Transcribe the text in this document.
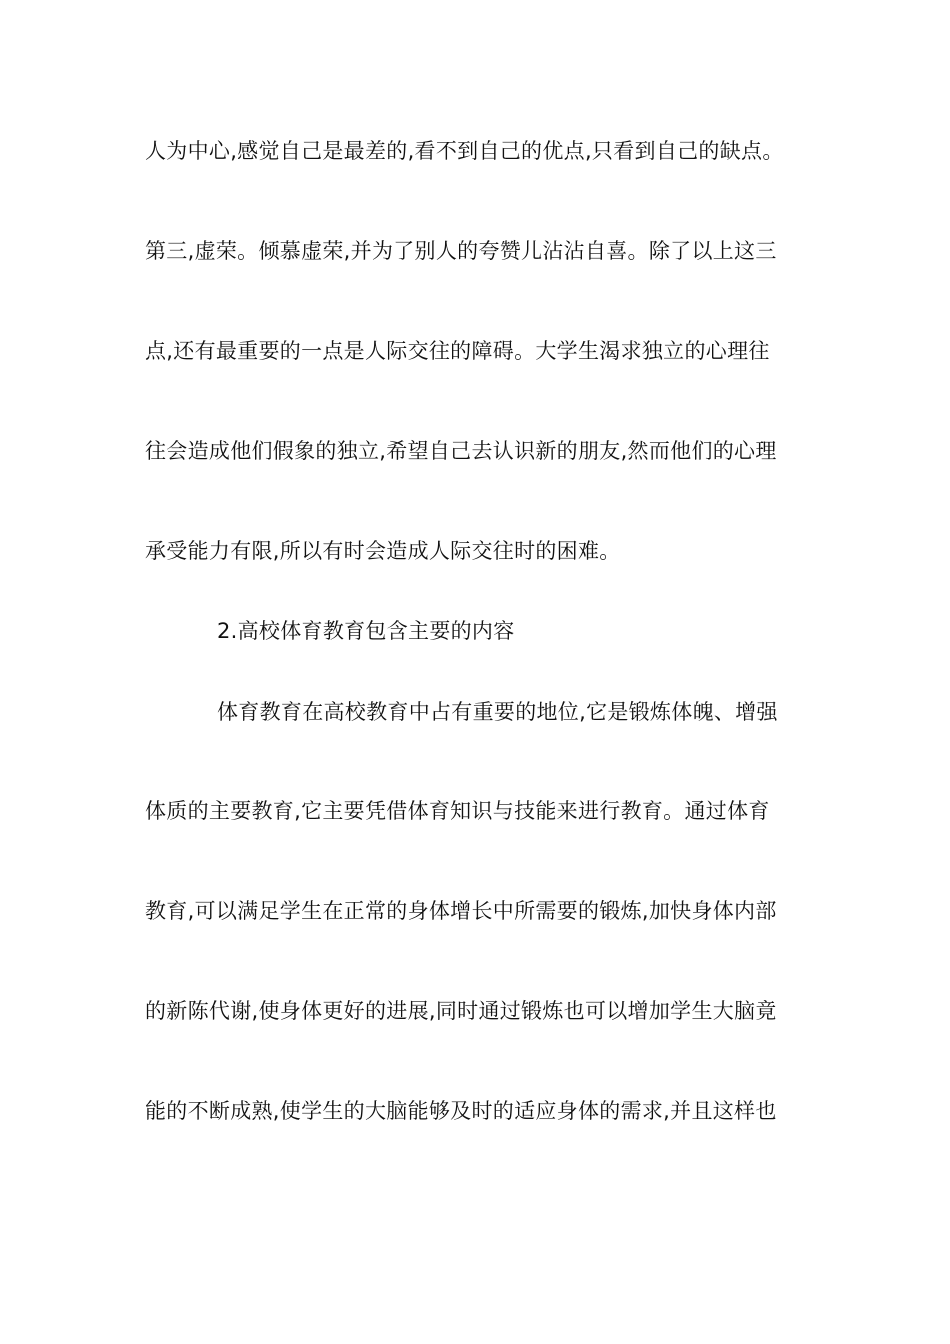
人为中心,感觉自己是最差的,看不到自己的优点,只看到自己的缺点。
第三,虚荣。倾慕虚荣,并为了别人的夸赞儿沾沾自喜。除了以上这三
点,还有最重要的一点是人际交往的障碍。大学生渴求独立的心理往
往会造成他们假象的独立,希望自己去认识新的朋友,然而他们的心理
承受能力有限,所以有时会造成人际交往时的困难。
2.高校体育教育包含主要的内容
体育教育在高校教育中占有重要的地位,它是锻炼体魄、增强
体质的主要教育,它主要凭借体育知识与技能来进行教育。通过体育
教育,可以满足学生在正常的身体增长中所需要的锻炼,加快身体内部
的新陈代谢,使身体更好的进展,同时通过锻炼也可以增加学生大脑竟
能的不断成熟,使学生的大脑能够及时的适应身体的需求,并且这样也
